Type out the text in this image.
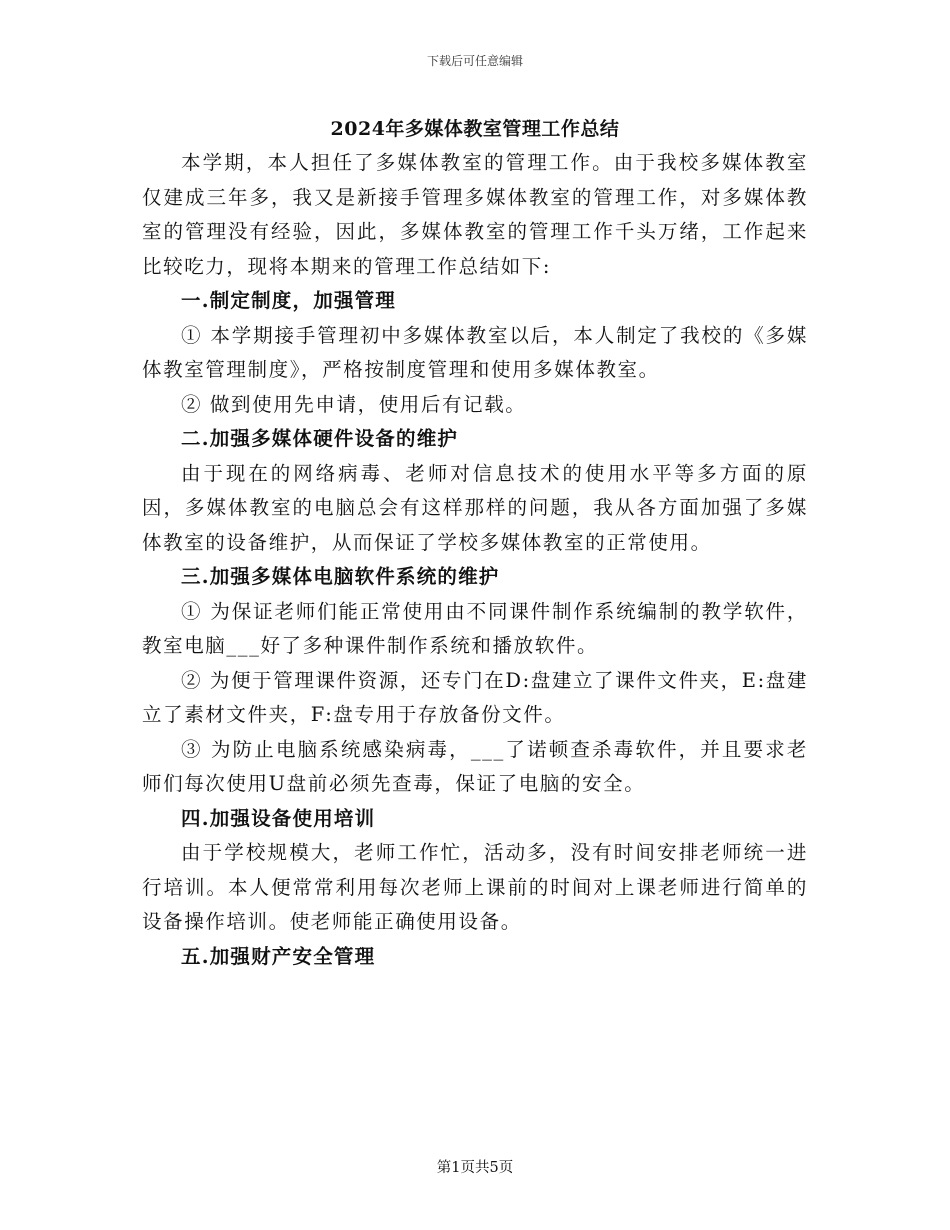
下载后可任意编辑
2024年多媒体教室管理工作总结

本学期，本人担任了多媒体教室的管理工作。由于我校多媒体教室仅建成三年多，我又是新接手管理多媒体教室的管理工作，对多媒体教室的管理没有经验，因此，多媒体教室的管理工作千头万绪，工作起来比较吃力，现将本期来的管理工作总结如下:

一.制定制度，加强管理

① 本学期接手管理初中多媒体教室以后，本人制定了我校的《多媒体教室管理制度》，严格按制度管理和使用多媒体教室。

② 做到使用先申请，使用后有记载。

二.加强多媒体硬件设备的维护

由于现在的网络病毒、老师对信息技术的使用水平等多方面的原因，多媒体教室的电脑总会有这样那样的问题，我从各方面加强了多媒体教室的设备维护，从而保证了学校多媒体教室的正常使用。

三.加强多媒体电脑软件系统的维护

① 为保证老师们能正常使用由不同课件制作系统编制的教学软件，教室电脑___好了多种课件制作系统和播放软件。

② 为便于管理课件资源，还专门在D:盘建立了课件文件夹，E:盘建立了素材文件夹，F:盘专用于存放备份文件。

③ 为防止电脑系统感染病毒，___了诺顿查杀毒软件，并且要求老师们每次使用U盘前必须先查毒，保证了电脑的安全。

四.加强设备使用培训

由于学校规模大，老师工作忙，活动多，没有时间安排老师统一进行培训。本人便常常利用每次老师上课前的时间对上课老师进行简单的设备操作培训。使老师能正确使用设备。

五.加强财产安全管理

第1页共5页
